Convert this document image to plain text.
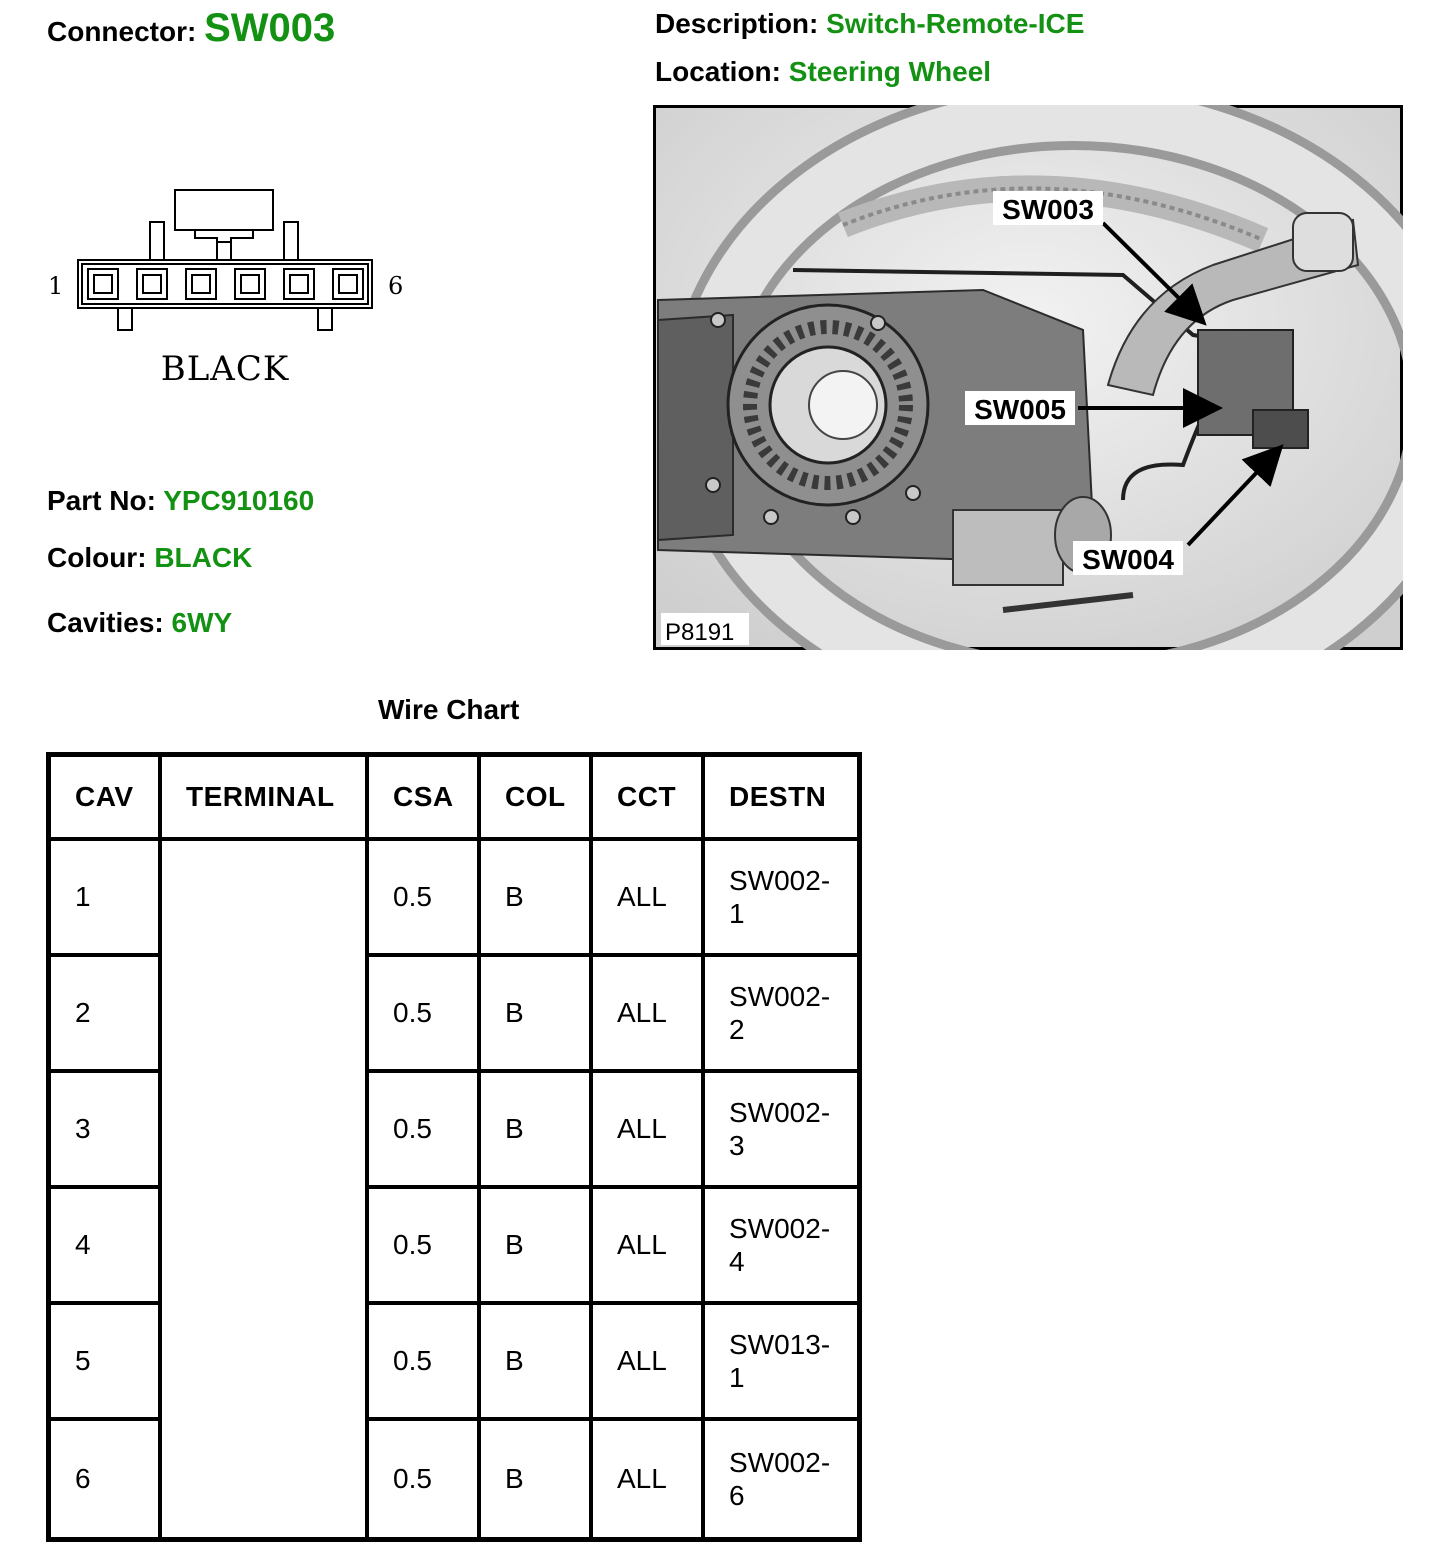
Connector: SW003	Description: Switch-Remote-ICE
Location: Steering Wheel
1	6
BLACK
Part No: YPC910160
Colour: BLACK
Cavities: 6WY
SW003
SW005
SW004
P8191
Wire Chart
CAV	TERMINAL	CSA	COL	CCT	DESTN
1		0.5	B	ALL	SW002-
1
2		0.5	B	ALL	SW002-
2
3		0.5	B	ALL	SW002-
3
4		0.5	B	ALL	SW002-
4
5		0.5	B	ALL	SW013-
1
6		0.5	B	ALL	SW002-
6
